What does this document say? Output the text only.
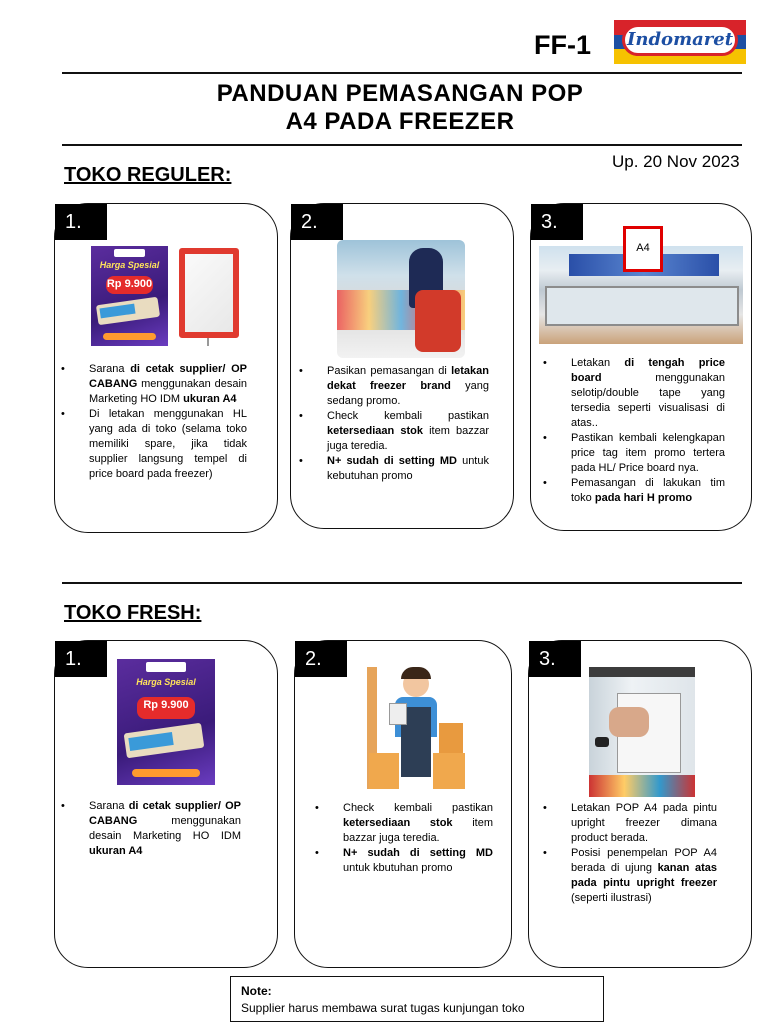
FF-1 Indomaret
PANDUAN PEMASANGAN POP
A4 PADA FREEZER
Up. 20 Nov 2023
TOKO REGULER:
1.
Harga Spesial
Rp 9.900
• Sarana di cetak supplier/ OP CABANG menggunakan desain Marketing HO IDM ukuran A4
• Di letakan menggunakan HL yang ada di toko (selama toko memiliki spare, jika tidak supplier langsung tempel di price board pada freezer)
2.
• Pasikan pemasangan di letakan dekat freezer brand yang sedang promo.
• Check kembali pastikan ketersediaan stok item bazzar juga teredia.
• N+ sudah di setting MD untuk kebutuhan promo
3.
A4
• Letakan di tengah price board menggunakan selotip/double tape yang tersedia seperti visualisasi di atas..
• Pastikan kembali kelengkapan price tag item promo tertera pada HL/ Price board nya.
• Pemasangan di lakukan tim toko pada hari H promo
TOKO FRESH:
1.
Harga Spesial
Rp 9.900
• Sarana di cetak supplier/ OP CABANG menggunakan desain Marketing HO IDM ukuran A4
2.
• Check kembali pastikan ketersediaan stok item bazzar juga teredia.
• N+ sudah di setting MD untuk kbutuhan promo
3.
• Letakan POP A4 pada pintu upright freezer dimana product berada.
• Posisi penempelan POP A4 berada di ujung kanan atas pada pintu upright freezer (seperti ilustrasi)
Note:
Supplier harus membawa surat tugas kunjungan toko
